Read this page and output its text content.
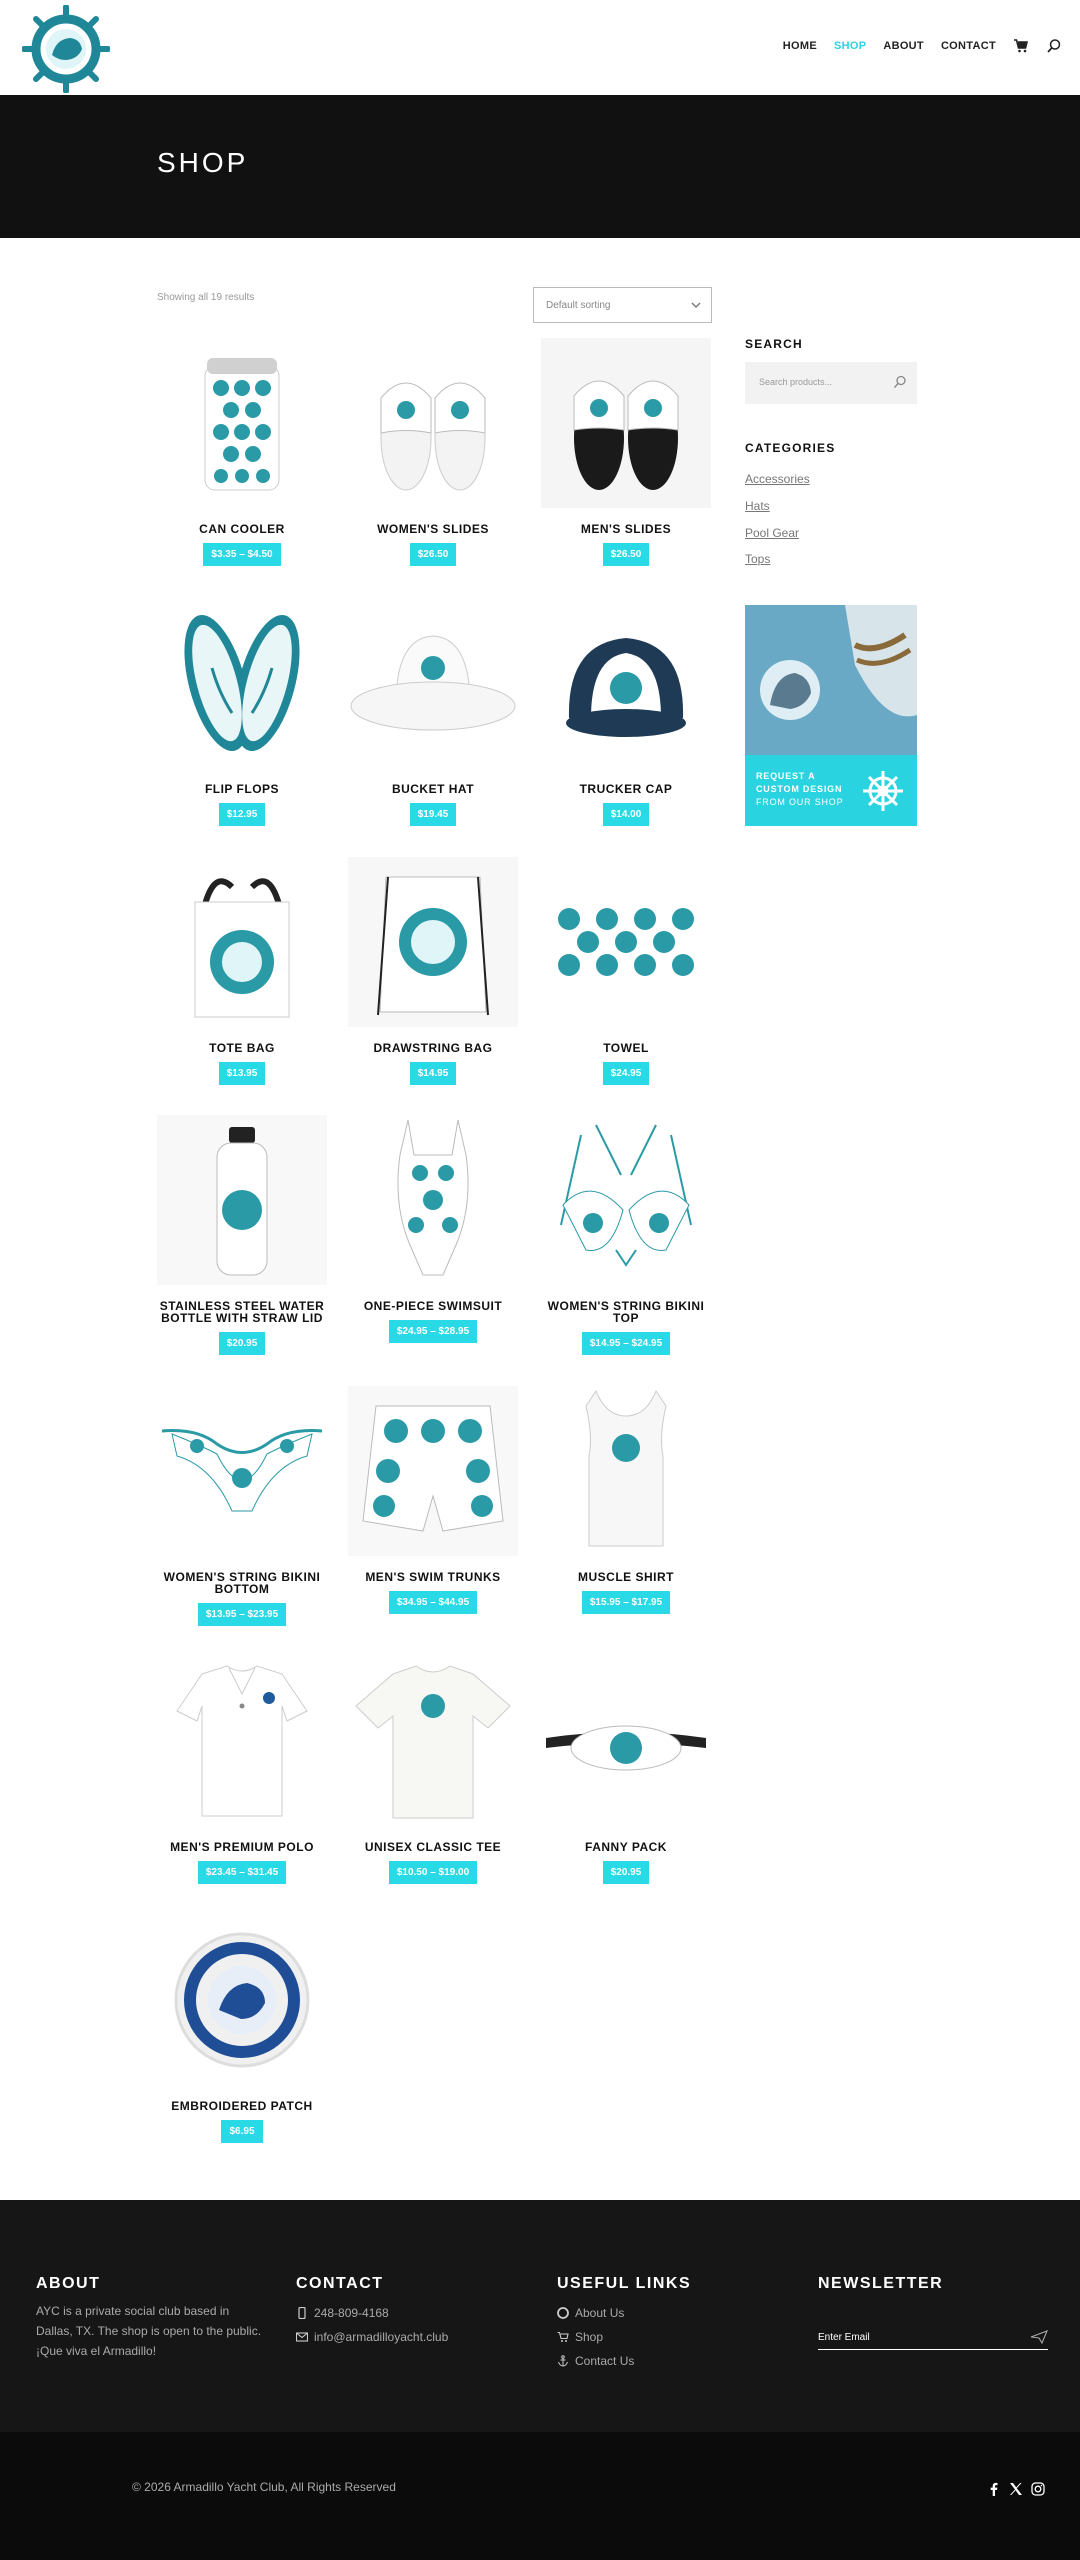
HOME SHOP ABOUT CONTACT
SHOP
Showing all 19 results
Default sorting
CAN COOLER
$3.35 – $4.50
WOMEN'S SLIDES
$26.50
MEN'S SLIDES
$26.50
FLIP FLOPS
$12.95
BUCKET HAT
$19.45
TRUCKER CAP
$14.00
TOTE BAG
$13.95
DRAWSTRING BAG
$14.95
TOWEL
$24.95
STAINLESS STEEL WATER BOTTLE WITH STRAW LID
$20.95
ONE-PIECE SWIMSUIT
$24.95 – $28.95
WOMEN'S STRING BIKINI TOP
$14.95 – $24.95
WOMEN'S STRING BIKINI BOTTOM
$13.95 – $23.95
MEN'S SWIM TRUNKS
$34.95 – $44.95
MUSCLE SHIRT
$15.95 – $17.95
MEN'S PREMIUM POLO
$23.45 – $31.45
UNISEX CLASSIC TEE
$10.50 – $19.00
FANNY PACK
$20.95
EMBROIDERED PATCH
$6.95
SEARCH
Search products...
CATEGORIES
Accessories
Hats
Pool Gear
Tops
REQUEST A
CUSTOM DESIGN
FROM OUR SHOP
ABOUT

AYC is a private social club based in Dallas, TX. The shop is open to the public. ¡Que viva el Armadillo!

CONTACT
248-809-4168
info@armadilloyacht.club
USEFUL LINKS
About Us
Shop
Contact Us
NEWSLETTER
Enter Email
© 2026 Armadillo Yacht Club, All Rights Reserved
